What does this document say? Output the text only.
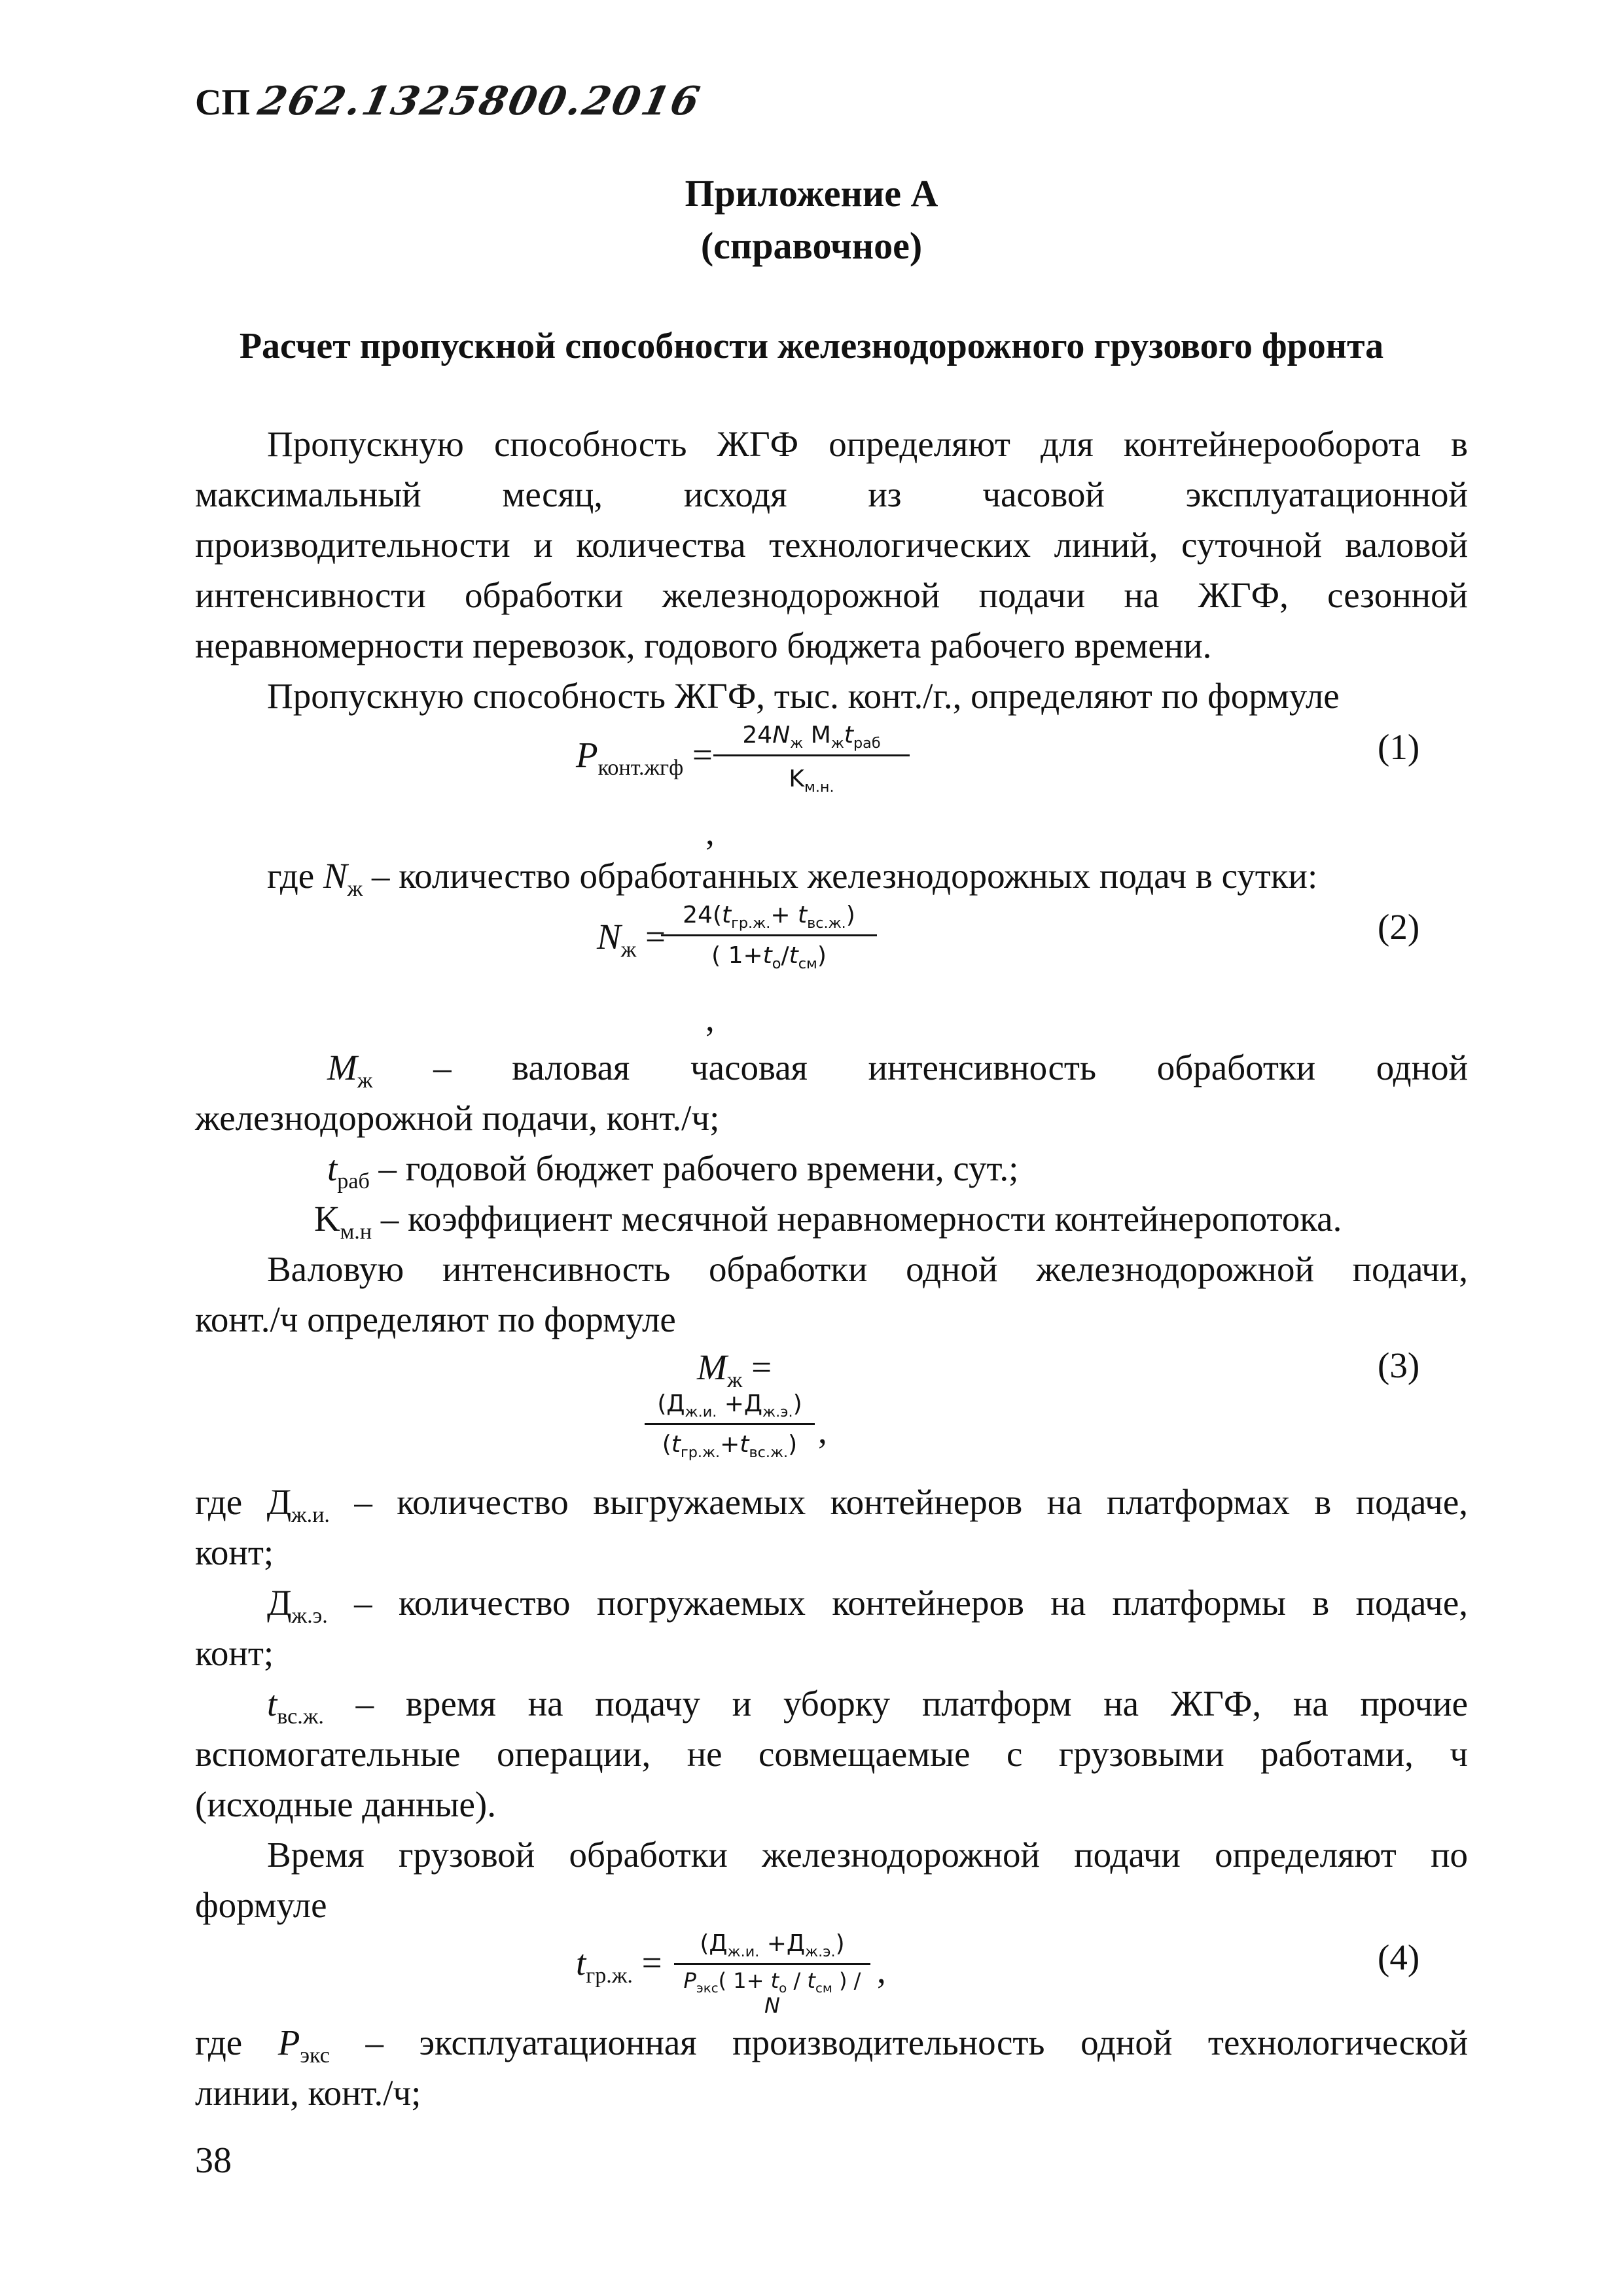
СП 262.1325800.2016
Приложение А
(справочное)
Расчет пропускной способности железнодорожного грузового фронта
Пропускную способность ЖГФ определяют для контейнерооборота в
максимальный месяц, исходя из часовой эксплуатационной
производительности и количества технологических линий, суточной валовой
интенсивности обработки железнодорожной подачи на ЖГФ, сезонной
неравномерности перевозок, годового бюджета рабочего времени.
Пропускную способность ЖГФ, тыс. конт./г., определяют по формуле
$P_{конт.жгф}$ =	$24N_ж$ $M_жt_{раб}$
$K_{м.н.}$
(1)
,
где $N_ж$ – количество обработанных железнодорожных подач в сутки:
$N_ж$ =
$24(t_{гр.ж.}+ t_{вс.ж.})$
( $1+t_о/t_{см}$)
(2)
,
$M_ж$ – валовая часовая интенсивность обработки одной
железнодорожной подачи, конт./ч;
$t_{раб}$ – годовой бюджет рабочего времени, сут.;
$K_{м.н}$ – коэффициент месячной неравномерности контейнеропотока.
Валовую интенсивность обработки одной железнодорожной подачи,
конт./ч определяют по формуле
$M_ж$ =
$(Д_{ж.и.} +Д_{ж.э.})$
$(t_{гр.ж.}+t_{вс.ж.})$ ,
(3)
где $Д_{ж.и.}$ – количество выгружаемых контейнеров на платформах в подаче,
конт;
$Д_{ж.э.}$ – количество погружаемых контейнеров на платформы в подаче,
конт;
$t_{вс.ж.}$ – время на подачу и уборку платформ на ЖГФ, на прочие
вспомогательные операции, не совмещаемые с грузовыми работами, ч
(исходные данные).
Время грузовой обработки железнодорожной подачи определяют по
формуле
$t_{гр.ж.}$ =	$(Д_{ж.и.} +Д_{ж.э.})$
$P_{экс}$( $1+ t_о / t_{см}$ ) / N
,	(4)
где $P_{экс}$ – эксплуатационная производительность одной технологической
линии, конт./ч;
38
